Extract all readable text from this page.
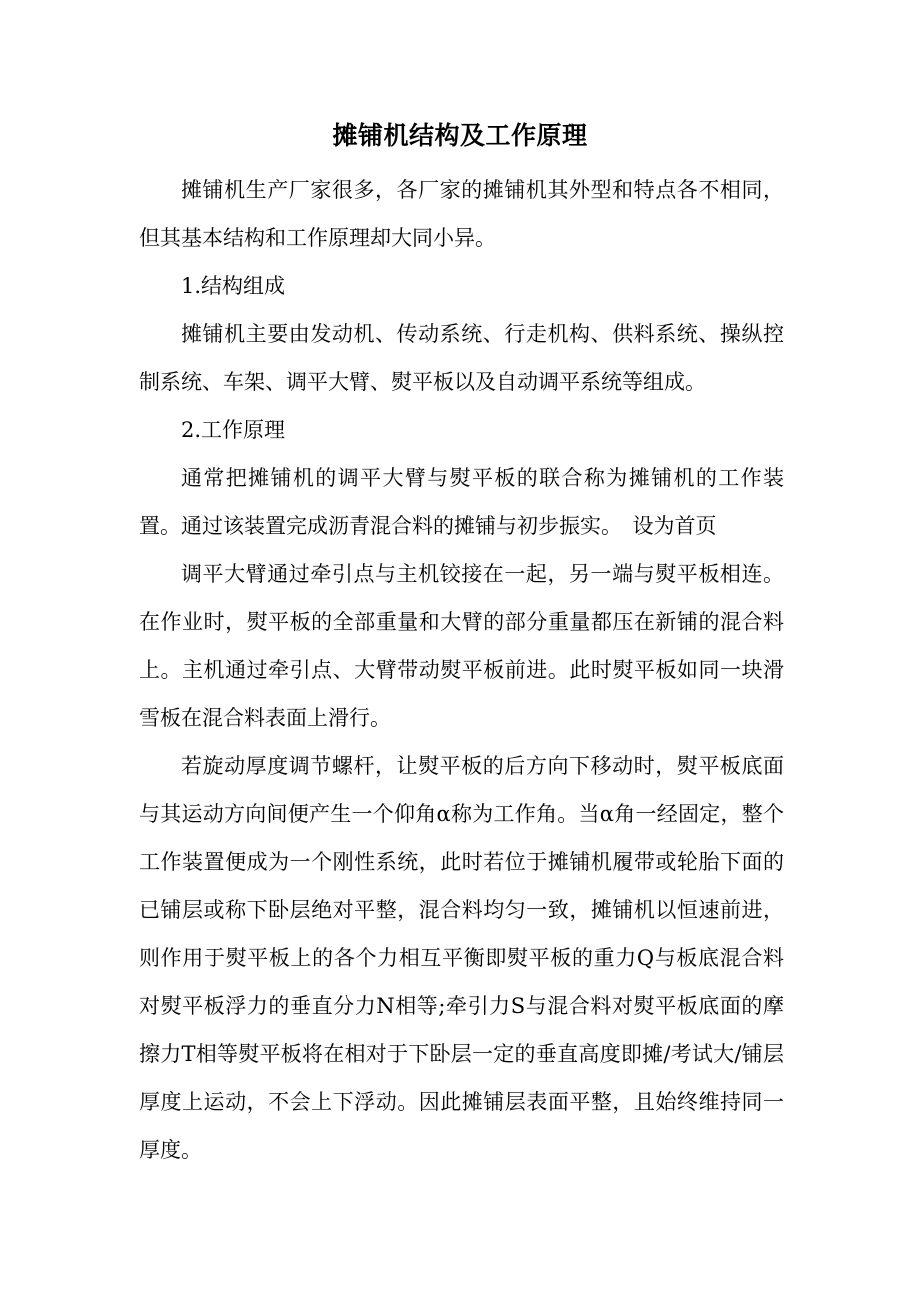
摊铺机结构及工作原理

摊铺机生产厂家很多，各厂家的摊铺机其外型和特点各不相同，但其基本结构和工作原理却大同小异。

1.结构组成

摊铺机主要由发动机、传动系统、行走机构、供料系统、操纵控制系统、车架、调平大臂、熨平板以及自动调平系统等组成。

2.工作原理

通常把摊铺机的调平大臂与熨平板的联合称为摊铺机的工作装置。通过该装置完成沥青混合料的摊铺与初步振实。　设为首页

调平大臂通过牵引点与主机铰接在一起，另一端与熨平板相连。在作业时，熨平板的全部重量和大臂的部分重量都压在新铺的混合料上。主机通过牵引点、大臂带动熨平板前进。此时熨平板如同一块滑雪板在混合料表面上滑行。

若旋动厚度调节螺杆，让熨平板的后方向下移动时，熨平板底面与其运动方向间便产生一个仰角α称为工作角。当α角一经固定，整个工作装置便成为一个刚性系统，此时若位于摊铺机履带或轮胎下面的已铺层或称下卧层绝对平整，混合料均匀一致，摊铺机以恒速前进，则作用于熨平板上的各个力相互平衡即熨平板的重力Q与板底混合料对熨平板浮力的垂直分力N相等;牵引力S与混合料对熨平板底面的摩擦力T相等熨平板将在相对于下卧层一定的垂直高度即摊/考试大/铺层厚度上运动，不会上下浮动。因此摊铺层表面平整，且始终维持同一厚度。
